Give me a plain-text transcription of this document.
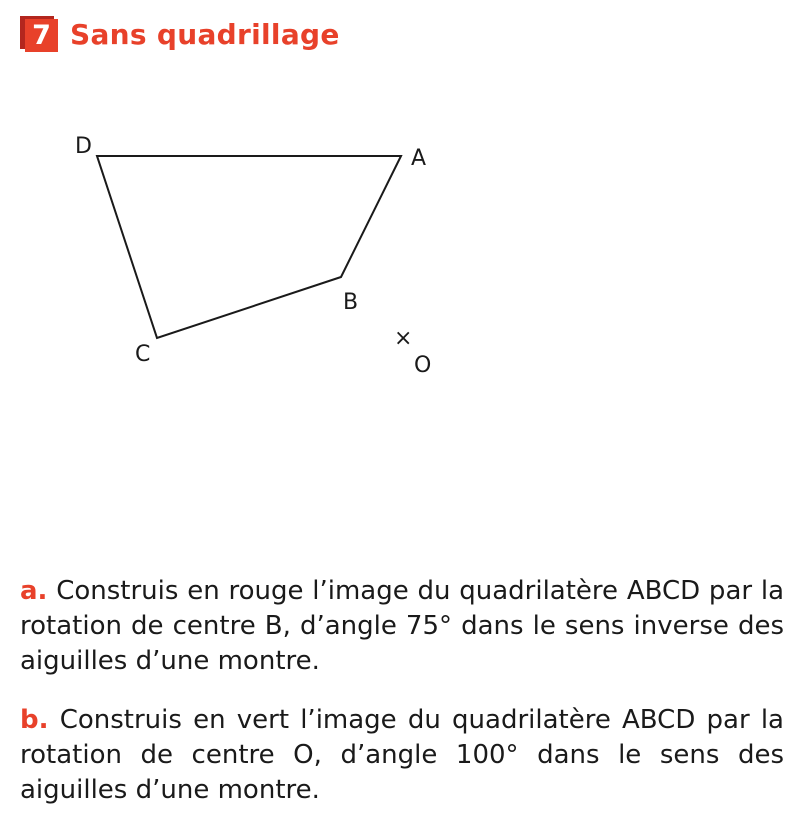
7 Sans quadrillage
A
B
C
D
×
O
a. Construis en rouge l’image du quadrilatère ABCD par la rotation de centre B, d’angle 75° dans le sens inverse des aiguilles d’une montre.
b. Construis en vert l’image du quadrilatère ABCD par la rotation de centre O, d’angle 100° dans le sens des aiguilles d’une montre.
